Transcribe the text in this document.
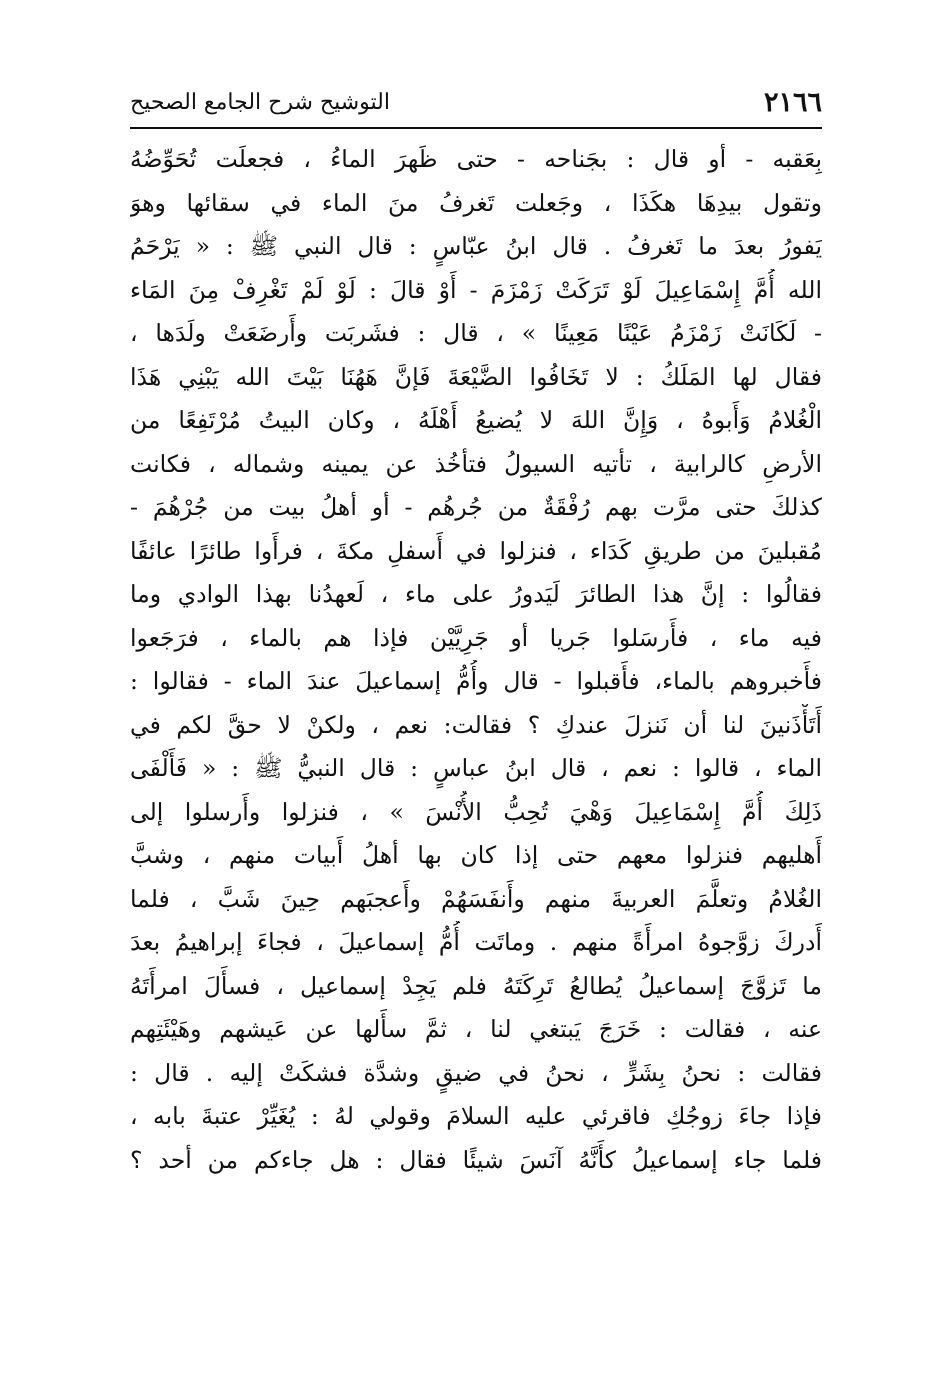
٢١٦٦
التوشيح شرح الجامع الصحيح
بِعَقبه - أو قال : بجَناحه - حتى ظَهرَ الماءُ ، فجعلَت تُحَوِّضُهُ
وتقول بيدِهَا هكَذَا ، وجَعلت تَغرفُ منَ الماء في سقائها وهوَ
يَفورُ بعدَ ما تَغرفُ . قال ابنُ عبّاسٍ : قال النبي ﷺ : « يَرْحَمُ
الله أُمَّ إِسْمَاعِيلَ لَوْ تَرَكَتْ زَمْزَمَ - أَوْ قالَ : لَوْ لَمْ تَغْرِفْ مِنَ المَاء
- لَكَانَتْ زَمْزَمُ عَيْنًا مَعِينًا » ، قال : فشَربَت وأَرضَعَتْ ولَدَها ،
فقال لها المَلَكُ : لا تَخَافُوا الضَّيْعَةَ فَإنَّ هَهُنَا بَيْتَ الله يَبْنِي هَذَا
الْغُلامُ وَأَبوهُ ، وَإِنَّ اللهَ لا يُضيعُ أَهْلَهُ ، وكان البيتُ مُرْتَفِعًا من
الأرضِ كالرابية ، تأتيه السيولُ فتأخُذ عن يمينه وشماله ، فكانت
كذلكَ حتى مرَّت بهم رُفْقَةٌ من جُرهُم - أو أهلُ بيت من جُرْهُمَ -
مُقبلينَ من طريقِ كَدَاء ، فنزلوا في أَسفلِ مكةَ ، فرأَوا طائرًا عائفًا
فقالُوا : إنَّ هذا الطائرَ لَيَدورُ على ماء ، لَعهدُنا بهذا الوادي وما
فيه ماء ، فأَرسَلوا جَريا أو جَرِيَّيْن فإذا هم بالماء ، فرَجَعوا
فأَخبروهم بالماء، فأَقبلوا - قال وأُمُّ إسماعيلَ عندَ الماء - فقالوا :
أَتَأْذَنينَ لنا أن نَنزلَ عندكِ ؟ فقالت: نعم ، ولكنْ لا حقَّ لكم في
الماء ، قالوا : نعم ، قال ابنُ عباسٍ : قال النبيُّ ﷺ : « فَأَلْفَى
ذَلِكَ أُمَّ إِسْمَاعِيلَ وَهْيَ تُحِبُّ الأُنْسَ » ، فنزلوا وأَرسلوا إلى
أَهليهم فنزلوا معهم حتى إذا كان بها أهلُ أَبيات منهم ، وشبَّ
الغُلامُ وتعلَّمَ العربيةَ منهم وأَنفَسَهُمْ وأَعجبَهم حِينَ شَبَّ ، فلما
أَدركَ زوَّجوهُ امرأَةً منهم . وماتَت أُمُّ إسماعيلَ ، فجاءَ إبراهيمُ بعدَ
ما تَزوَّجَ إسماعيلُ يُطالعُ تَرِكَتَهُ فلم يَجِدْ إسماعيل ، فسأَلَ امرأَتَهُ
عنه ، فقالت : خَرَجَ يَبتغي لنا ، ثمَّ سأَلها عن عَيشهم وهَيْئَتِهم
فقالت : نحنُ بِشَرٍّ ، نحنُ في ضيقٍ وشدَّة فشكَتْ إليه . قال :
فإذا جاءَ زوجُكِ فاقرئي عليه السلامَ وقولي لهُ : يُغَيِّرْ عتبةَ بابه ،
فلما جاء إسماعيلُ كأَنَّهُ آنَسَ شيئًا فقال : هل جاءكم من أحد ؟
